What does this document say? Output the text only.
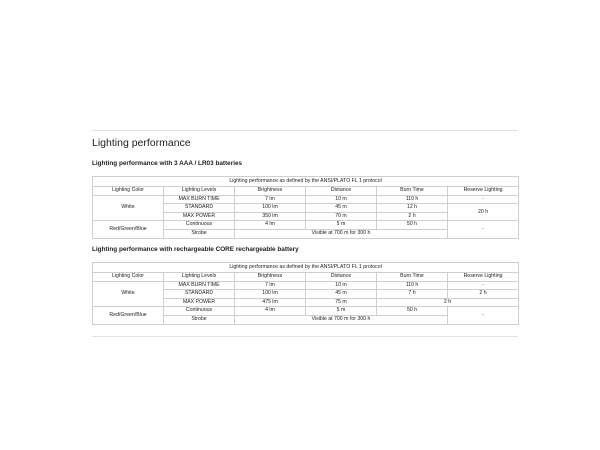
Lighting performance
Lighting performance with 3 AAA / LR03 batteries
Lighting performance as defined by the ANSI/PLATO FL 1 protocol					
Lighting Color	Lighting Levels	Brightness	Distance	Burn Time	Reserve Lighting
White	MAX BURN TIME	7 lm	10 m	110 h	-
	STANDARD	100 lm	45 m	12 h	20 h
	MAX POWER	350 lm	70 m	2 h	
Red/Green/Blue	Continuous	4 lm	5 m	50 h	-
	Strobe	Visible at 700 m for 300 h			
Lighting performance with rechargeable CORE rechargeable battery
Lighting performance as defined by the ANSI/PLATO FL 1 protocol					
Lighting Color	Lighting Levels	Brightness	Distance	Burn Time	Reserve Lighting
White	MAX BURN TIME	7 lm	10 m	110 h	-
	STANDARD	100 lm	45 m	7 h	2 h
	MAX POWER	475 lm	75 m	2 h	
Red/Green/Blue	Continuous	4 lm	5 m	50 h	-
	Strobe	Visible at 700 m for 300 h			
